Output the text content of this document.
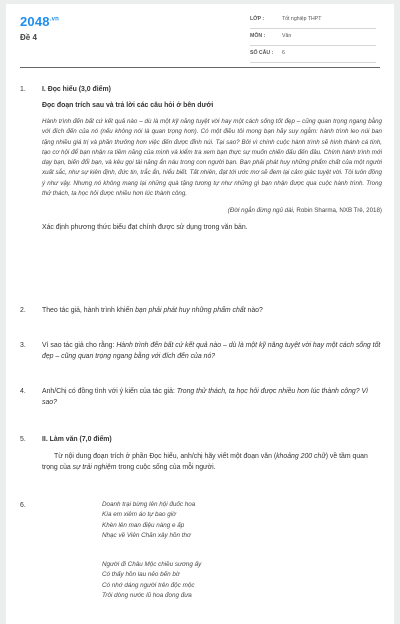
$2048^{.vn}$
Đề 4
LỚP :	Tốt nghiệp THPT
MÔN :	Văn
SỐ CÂU :	6
1. I. Đọc hiểu (3,0 điểm)
Đọc đoạn trích sau và trả lời các câu hỏi ở bên dưới
Hành trình đến bất cứ kết quả nào – dù là một kỹ năng tuyệt vời hay một cách sống tốt đẹp – cũng quan trọng ngang bằng với đích đến của nó (nếu không nói là quan trọng hơn). Có một điều tôi mong bạn hãy suy ngẫm: hành trình leo núi ban tặng nhiều giá trị và phần thưởng hơn việc đến được đỉnh núi. Tại sao? Bởi vì chính cuộc hành trình sẽ hình thành cá tính, tạo cơ hội để bạn nhận ra tiềm năng của mình và kiểm tra xem bạn thực sự muốn chiến đấu đến đâu. Chính hành trình mới dạy bạn, biến đổi bạn, và kêu gọi tài năng ẩn náu trong con người bạn. Bạn phải phát huy những phẩm chất của một người xuất sắc, như sự kiên định, đức tin, trắc ẩn, hiểu biết. Tất nhiên, đạt tới ước mơ sẽ đem lại cảm giác tuyệt vời. Tôi luôn đồng ý như vậy. Nhưng nó không mang lại những quà tặng tương tự như những gì bạn nhận được qua cuộc hành trình. Trong thử thách, ta học hỏi được nhiều hơn lúc thành công.
(Đời ngắn đừng ngủ dài, Robin Sharma, NXB Trẻ, 2018)
Xác định phương thức biểu đạt chính được sử dụng trong văn bản.
2. Theo tác giả, hành trình khiến bạn phải phát huy những phẩm chất nào?
3. Vì sao tác giả cho rằng: Hành trình đến bất cứ kết quả nào – dù là một kỹ năng tuyệt vời hay một cách sống tốt đẹp – cũng quan trọng ngang bằng với đích đến của nó?
4. Anh/Chị có đồng tình với ý kiến của tác giả: Trong thử thách, ta học hỏi được nhiều hơn lúc thành công? Vì sao?
5. II. Làm văn (7,0 điểm)
Từ nội dung đoạn trích ở phần Đọc hiểu, anh/chị hãy viết một đoạn văn (khoảng 200 chữ) về tầm quan trọng của sự trải nghiệm trong cuộc sống của mỗi người.
6.	Doanh trại bừng lên hội đuốc hoa
Kìa em xiêm áo tự bao giờ
Khèn lên man điệu nàng e ấp
Nhạc về Viên Chăn xây hồn thơ
Người đi Châu Mộc chiều sương ấy
Có thấy hồn lau nẻo bến bờ
Có nhớ dáng người trên độc mộc
Trôi dòng nước lũ hoa đong đưa
